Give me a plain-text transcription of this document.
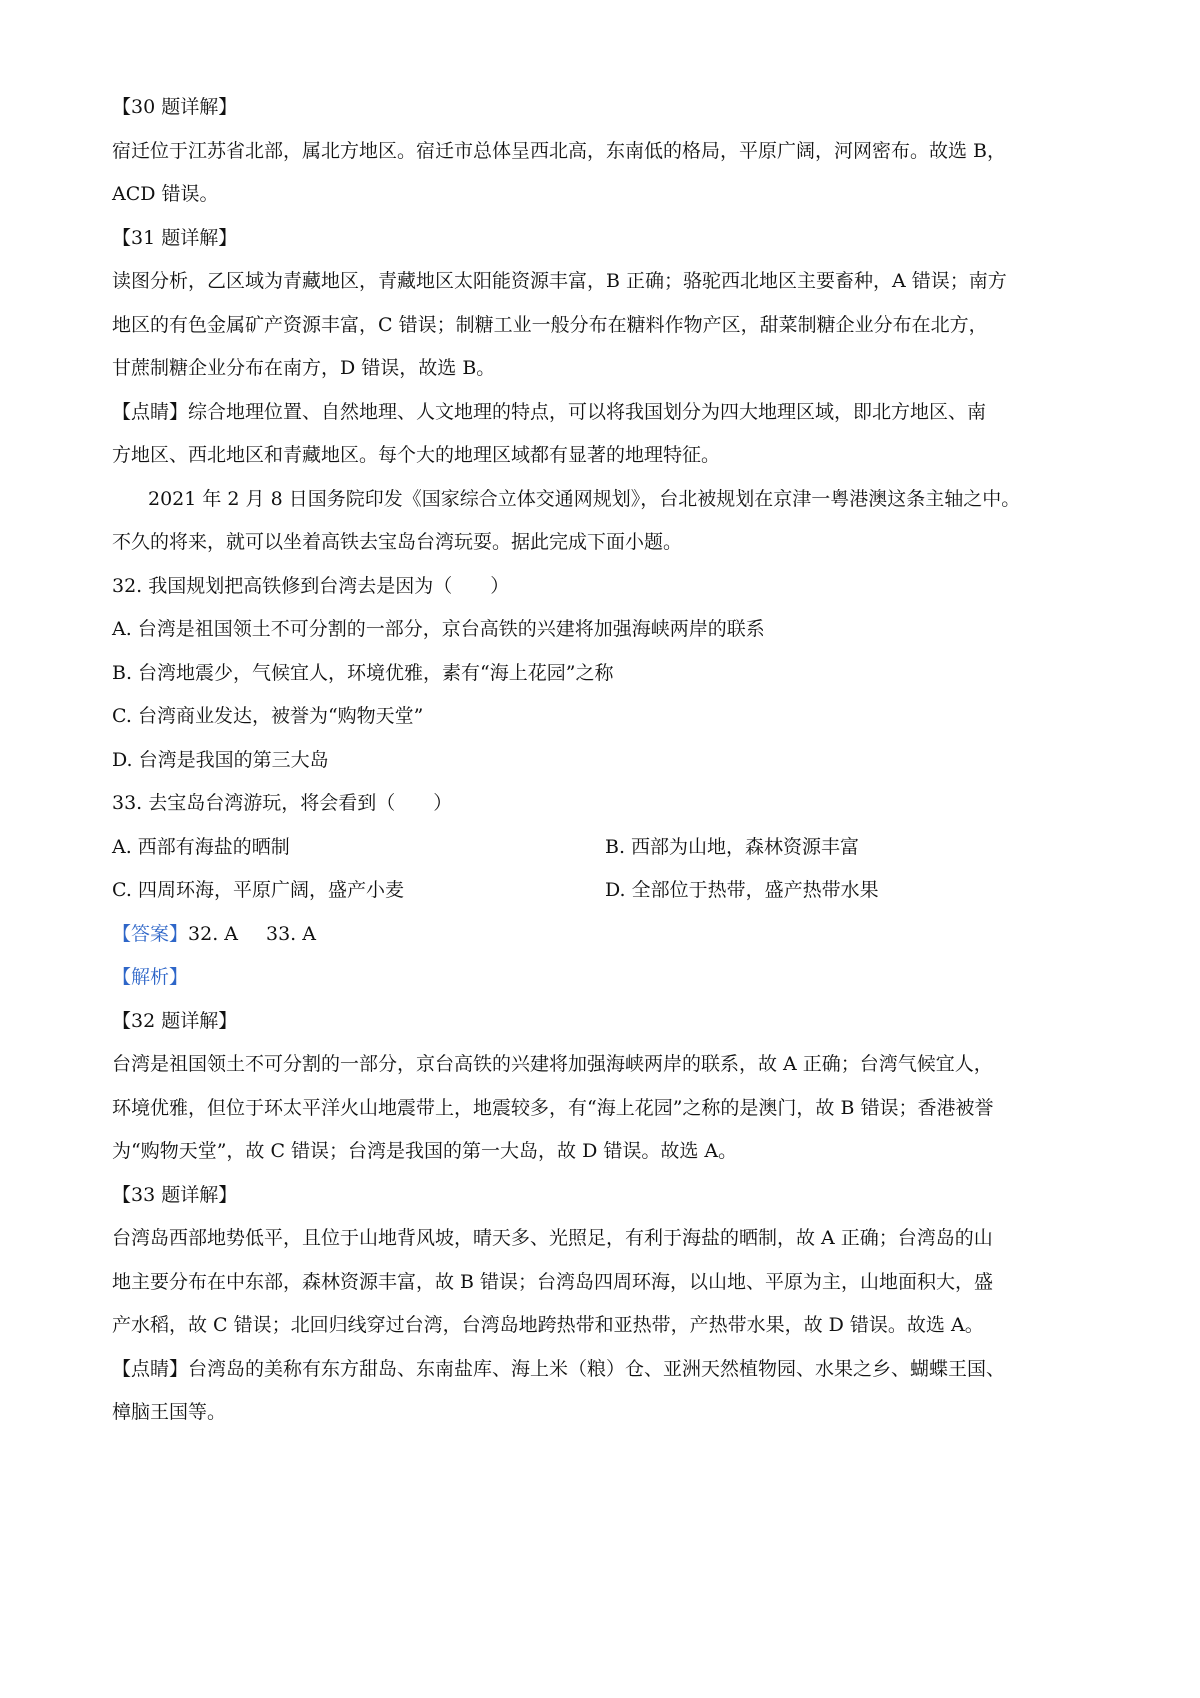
【30 题详解】

宿迁位于江苏省北部，属北方地区。宿迁市总体呈西北高，东南低的格局，平原广阔，河网密布。故选 B，

ACD 错误。

【31 题详解】

读图分析，乙区域为青藏地区，青藏地区太阳能资源丰富，B 正确；骆驼西北地区主要畜种，A 错误；南方

地区的有色金属矿产资源丰富，C 错误；制糖工业一般分布在糖料作物产区，甜菜制糖企业分布在北方，

甘蔗制糖企业分布在南方，D 错误，故选 B。

【点睛】综合地理位置、自然地理、人文地理的特点，可以将我国划分为四大地理区域，即北方地区、南

方地区、西北地区和青藏地区。每个大的地理区域都有显著的地理特征。

2021 年 2 月 8 日国务院印发《国家综合立体交通网规划》，台北被规划在京津一粤港澳这条主轴之中。

不久的将来，就可以坐着高铁去宝岛台湾玩耍。据此完成下面小题。

32. 我国规划把高铁修到台湾去是因为（　　）

A. 台湾是祖国领土不可分割的一部分，京台高铁的兴建将加强海峡两岸的联系

B. 台湾地震少，气候宜人，环境优雅，素有“海上花园”之称

C. 台湾商业发达，被誉为“购物天堂”

D. 台湾是我国的第三大岛

33. 去宝岛台湾游玩，将会看到（　　）

A. 西部有海盐的晒制	B. 西部为山地，森林资源丰富

C. 四周环海，平原广阔，盛产小麦	D. 全部位于热带，盛产热带水果

【答案】32. A 33. A

【解析】

【32 题详解】

台湾是祖国领土不可分割的一部分，京台高铁的兴建将加强海峡两岸的联系，故 A 正确；台湾气候宜人，

环境优雅，但位于环太平洋火山地震带上，地震较多，有“海上花园”之称的是澳门，故 B 错误；香港被誉

为“购物天堂”，故 C 错误；台湾是我国的第一大岛，故 D 错误。故选 A。

【33 题详解】

台湾岛西部地势低平，且位于山地背风坡，晴天多、光照足，有利于海盐的晒制，故 A 正确；台湾岛的山

地主要分布在中东部，森林资源丰富，故 B 错误；台湾岛四周环海，以山地、平原为主，山地面积大，盛

产水稻，故 C 错误；北回归线穿过台湾，台湾岛地跨热带和亚热带，产热带水果，故 D 错误。故选 A。

【点睛】台湾岛的美称有东方甜岛、东南盐库、海上米（粮）仓、亚洲天然植物园、水果之乡、蝴蝶王国、

樟脑王国等。
